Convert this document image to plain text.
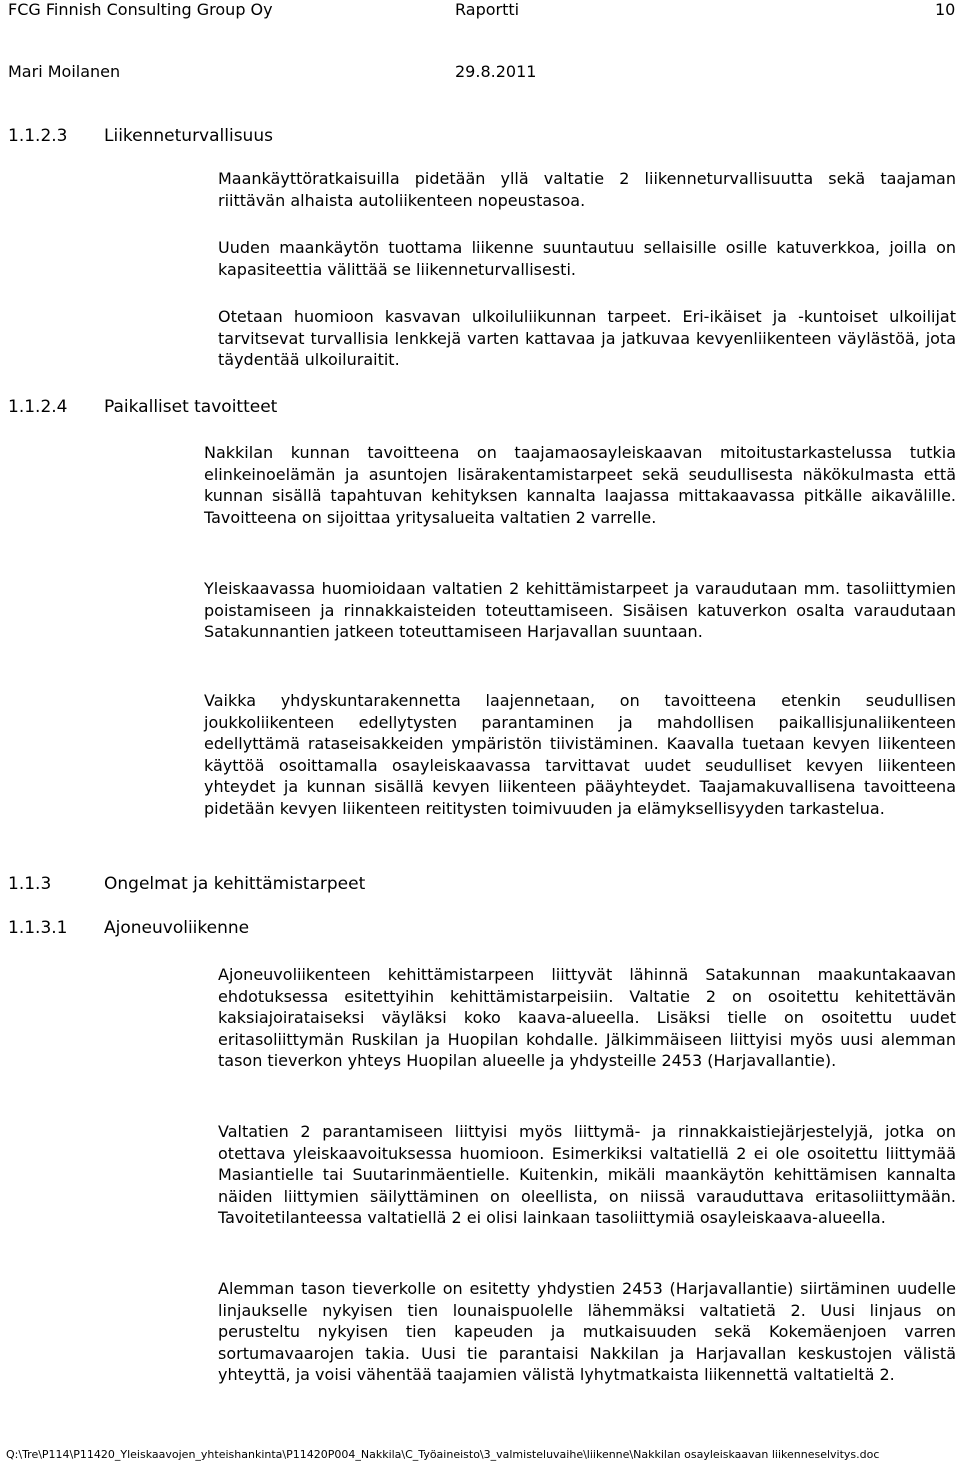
FCG Finnish Consulting Group Oy	Raportti	10
Mari Moilanen	29.8.2011
1.1.2.3 Liikenneturvallisuus
1.1.2.4 Paikalliset tavoitteet
1.1.3	Ongelmat ja kehittämistarpeet
1.1.3.1 Ajoneuvoliikenne

Maankäyttöratkaisuilla pidetään yllä valtatie 2 liikenneturvallisuutta sekä taajaman riittävän alhaista autoliikenteen nopeustasoa.

Uuden maankäytön tuottama liikenne suuntautuu sellaisille osille katuverkkoa, joilla on kapasiteettia välittää se liikenneturvallisesti.

Otetaan huomioon kasvavan ulkoiluliikunnan tarpeet. Eri-ikäiset ja -kuntoiset ulkoilijat tarvitsevat turvallisia lenkkejä varten kattavaa ja jatkuvaa kevyenliikenteen väylästöä, jota täydentää ulkoiluraitit.

Nakkilan kunnan tavoitteena on taajamaosayleiskaavan mitoitustarkastelussa tutkia elinkeinoelämän ja asuntojen lisärakentamistarpeet sekä seudullisesta näkökulmasta että kunnan sisällä tapahtuvan kehityksen kannalta laajassa mittakaavassa pitkälle aikavälille. Tavoitteena on sijoittaa yritysalueita valtatien 2 varrelle.

Yleiskaavassa huomioidaan valtatien 2 kehittämistarpeet ja varaudutaan mm. tasoliittymien poistamiseen ja rinnakkaisteiden toteuttamiseen. Sisäisen katuverkon osalta varaudutaan Satakunnantien jatkeen toteuttamiseen Harjavallan suuntaan.

Vaikka yhdyskuntarakennetta laajennetaan, on tavoitteena etenkin seudullisen joukkoliikenteen edellytysten parantaminen ja mahdollisen paikallisjunaliikenteen edellyttämä rataseisakkeiden ympäristön tiivistäminen. Kaavalla tuetaan kevyen liikenteen käyttöä osoittamalla osayleiskaavassa tarvittavat uudet seudulliset kevyen liikenteen yhteydet ja kunnan sisällä kevyen liikenteen pääyhteydet. Taajamakuvallisena tavoitteena pidetään kevyen liikenteen reititysten toimivuuden ja elämyksellisyyden tarkastelua.

Ajoneuvoliikenteen kehittämistarpeen liittyvät lähinnä Satakunnan maakuntakaavan ehdotuksessa esitettyihin kehittämistarpeisiin. Valtatie 2 on osoitettu kehitettävän kaksiajoirataiseksi väyläksi koko kaava-alueella. Lisäksi tielle on osoitettu uudet eritasoliittymän Ruskilan ja Huopilan kohdalle. Jälkimmäiseen liittyisi myös uusi alemman tason tieverkon yhteys Huopilan alueelle ja yhdysteille 2453 (Harjavallantie).

Valtatien 2 parantamiseen liittyisi myös liittymä- ja rinnakkaistiejärjestelyjä, jotka on otettava yleiskaavoituksessa huomioon. Esimerkiksi valtatiellä 2 ei ole osoitettu liittymää Masiantielle tai Suutarinmäentielle. Kuitenkin, mikäli maankäytön kehittämisen kannalta näiden liittymien säilyttäminen on oleellista, on niissä varauduttava eritasoliittymään. Tavoitetilanteessa valtatiellä 2 ei olisi lainkaan tasoliittymiä osayleiskaava-alueella.

Alemman tason tieverkolle on esitetty yhdystien 2453 (Harjavallantie) siirtäminen uudelle linjaukselle nykyisen tien lounaispuolelle lähemmäksi valtatietä 2. Uusi linjaus on perusteltu nykyisen tien kapeuden ja mutkaisuuden sekä Kokemäenjoen varren sortumavaarojen takia. Uusi tie parantaisi Nakkilan ja Harjavallan keskustojen välistä yhteyttä, ja voisi vähentää taajamien välistä lyhytmatkaista liikennettä valtatieltä 2.

Q:\Tre\P114\P11420_Yleiskaavojen_yhteishankinta\P11420P004_Nakkila\C_Työaineisto\3_valmisteluvaihe\liikenne\Nakkilan osayleiskaavan liikenneselvitys.doc
